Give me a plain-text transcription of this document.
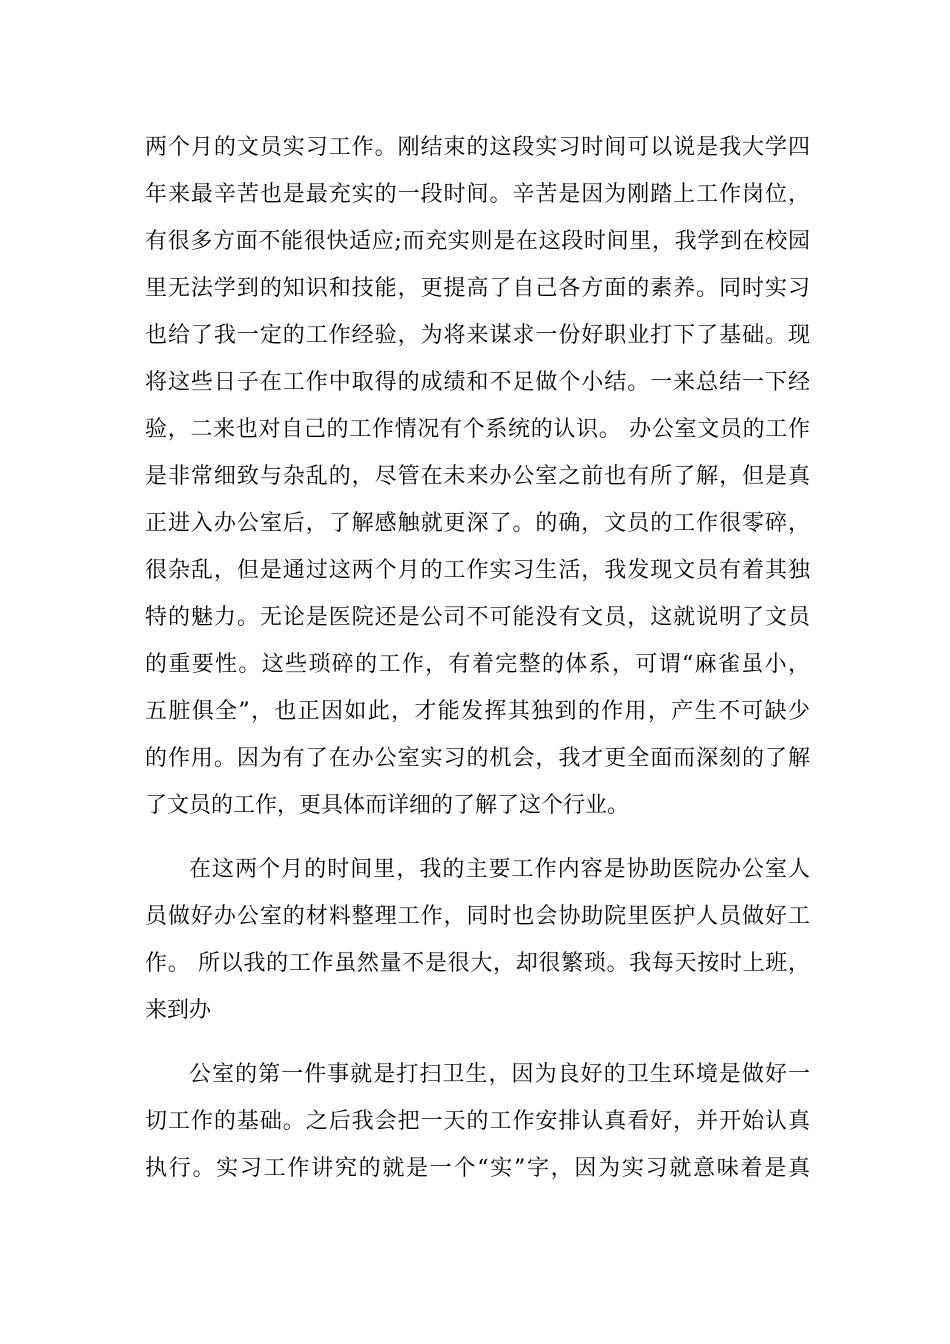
两个月的文员实习工作。刚结束的这段实习时间可以说是我大学四
年来最辛苦也是最充实的一段时间。辛苦是因为刚踏上工作岗位，
有很多方面不能很快适应;而充实则是在这段时间里，我学到在校园
里无法学到的知识和技能，更提高了自己各方面的素养。同时实习
也给了我一定的工作经验，为将来谋求一份好职业打下了基础。现
将这些日子在工作中取得的成绩和不足做个小结。一来总结一下经
验，二来也对自己的工作情况有个系统的认识。 办公室文员的工作
是非常细致与杂乱的，尽管在未来办公室之前也有所了解，但是真
正进入办公室后，了解感触就更深了。的确，文员的工作很零碎，
很杂乱，但是通过这两个月的工作实习生活，我发现文员有着其独
特的魅力。无论是医院还是公司不可能没有文员，这就说明了文员
的重要性。这些琐碎的工作，有着完整的体系，可谓“麻雀虽小，
五脏俱全”，也正因如此，才能发挥其独到的作用，产生不可缺少
的作用。因为有了在办公室实习的机会，我才更全面而深刻的了解
了文员的工作，更具体而详细的了解了这个行业。
在这两个月的时间里，我的主要工作内容是协助医院办公室人
员做好办公室的材料整理工作，同时也会协助院里医护人员做好工
作。 所以我的工作虽然量不是很大，却很繁琐。我每天按时上班，
来到办
公室的第一件事就是打扫卫生，因为良好的卫生环境是做好一
切工作的基础。之后我会把一天的工作安排认真看好，并开始认真
执行。实习工作讲究的就是一个“实”字，因为实习就意味着是真
